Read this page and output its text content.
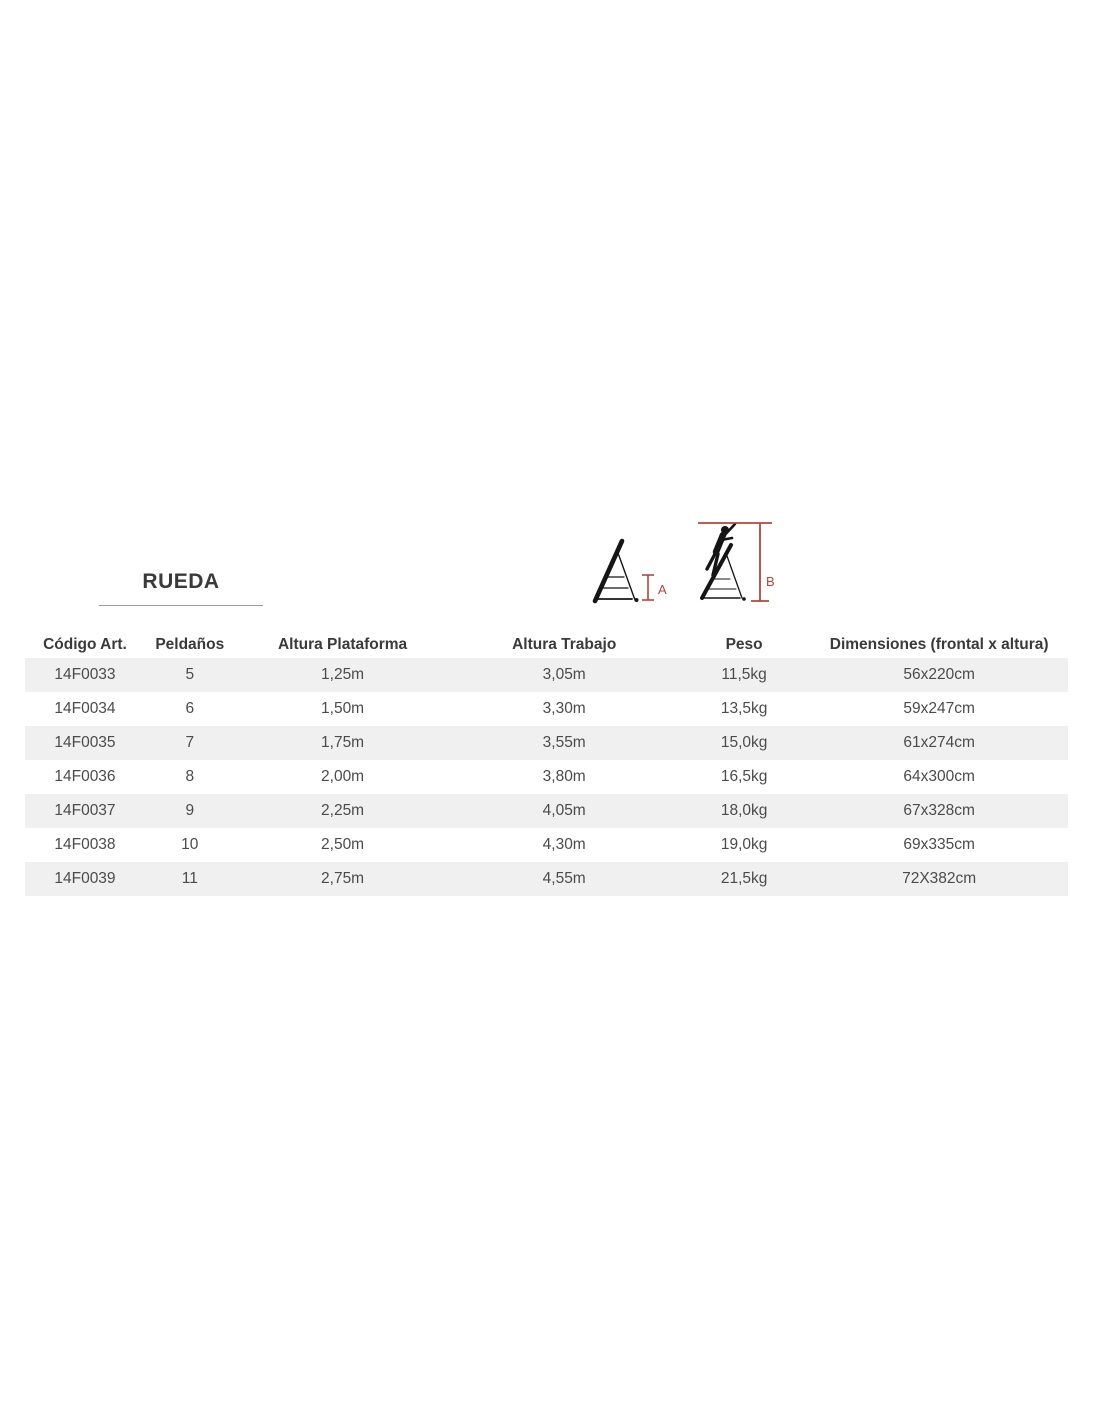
A
B
RUEDA
Código Art.	Peldaños	Altura Plataforma	Altura Trabajo	Peso	Dimensiones (frontal x altura)
14F0033	5	1,25m	3,05m	11,5kg	56x220cm
14F0034	6	1,50m	3,30m	13,5kg	59x247cm
14F0035	7	1,75m	3,55m	15,0kg	61x274cm
14F0036	8	2,00m	3,80m	16,5kg	64x300cm
14F0037	9	2,25m	4,05m	18,0kg	67x328cm
14F0038	10	2,50m	4,30m	19,0kg	69x335cm
14F0039	11	2,75m	4,55m	21,5kg	72X382cm
